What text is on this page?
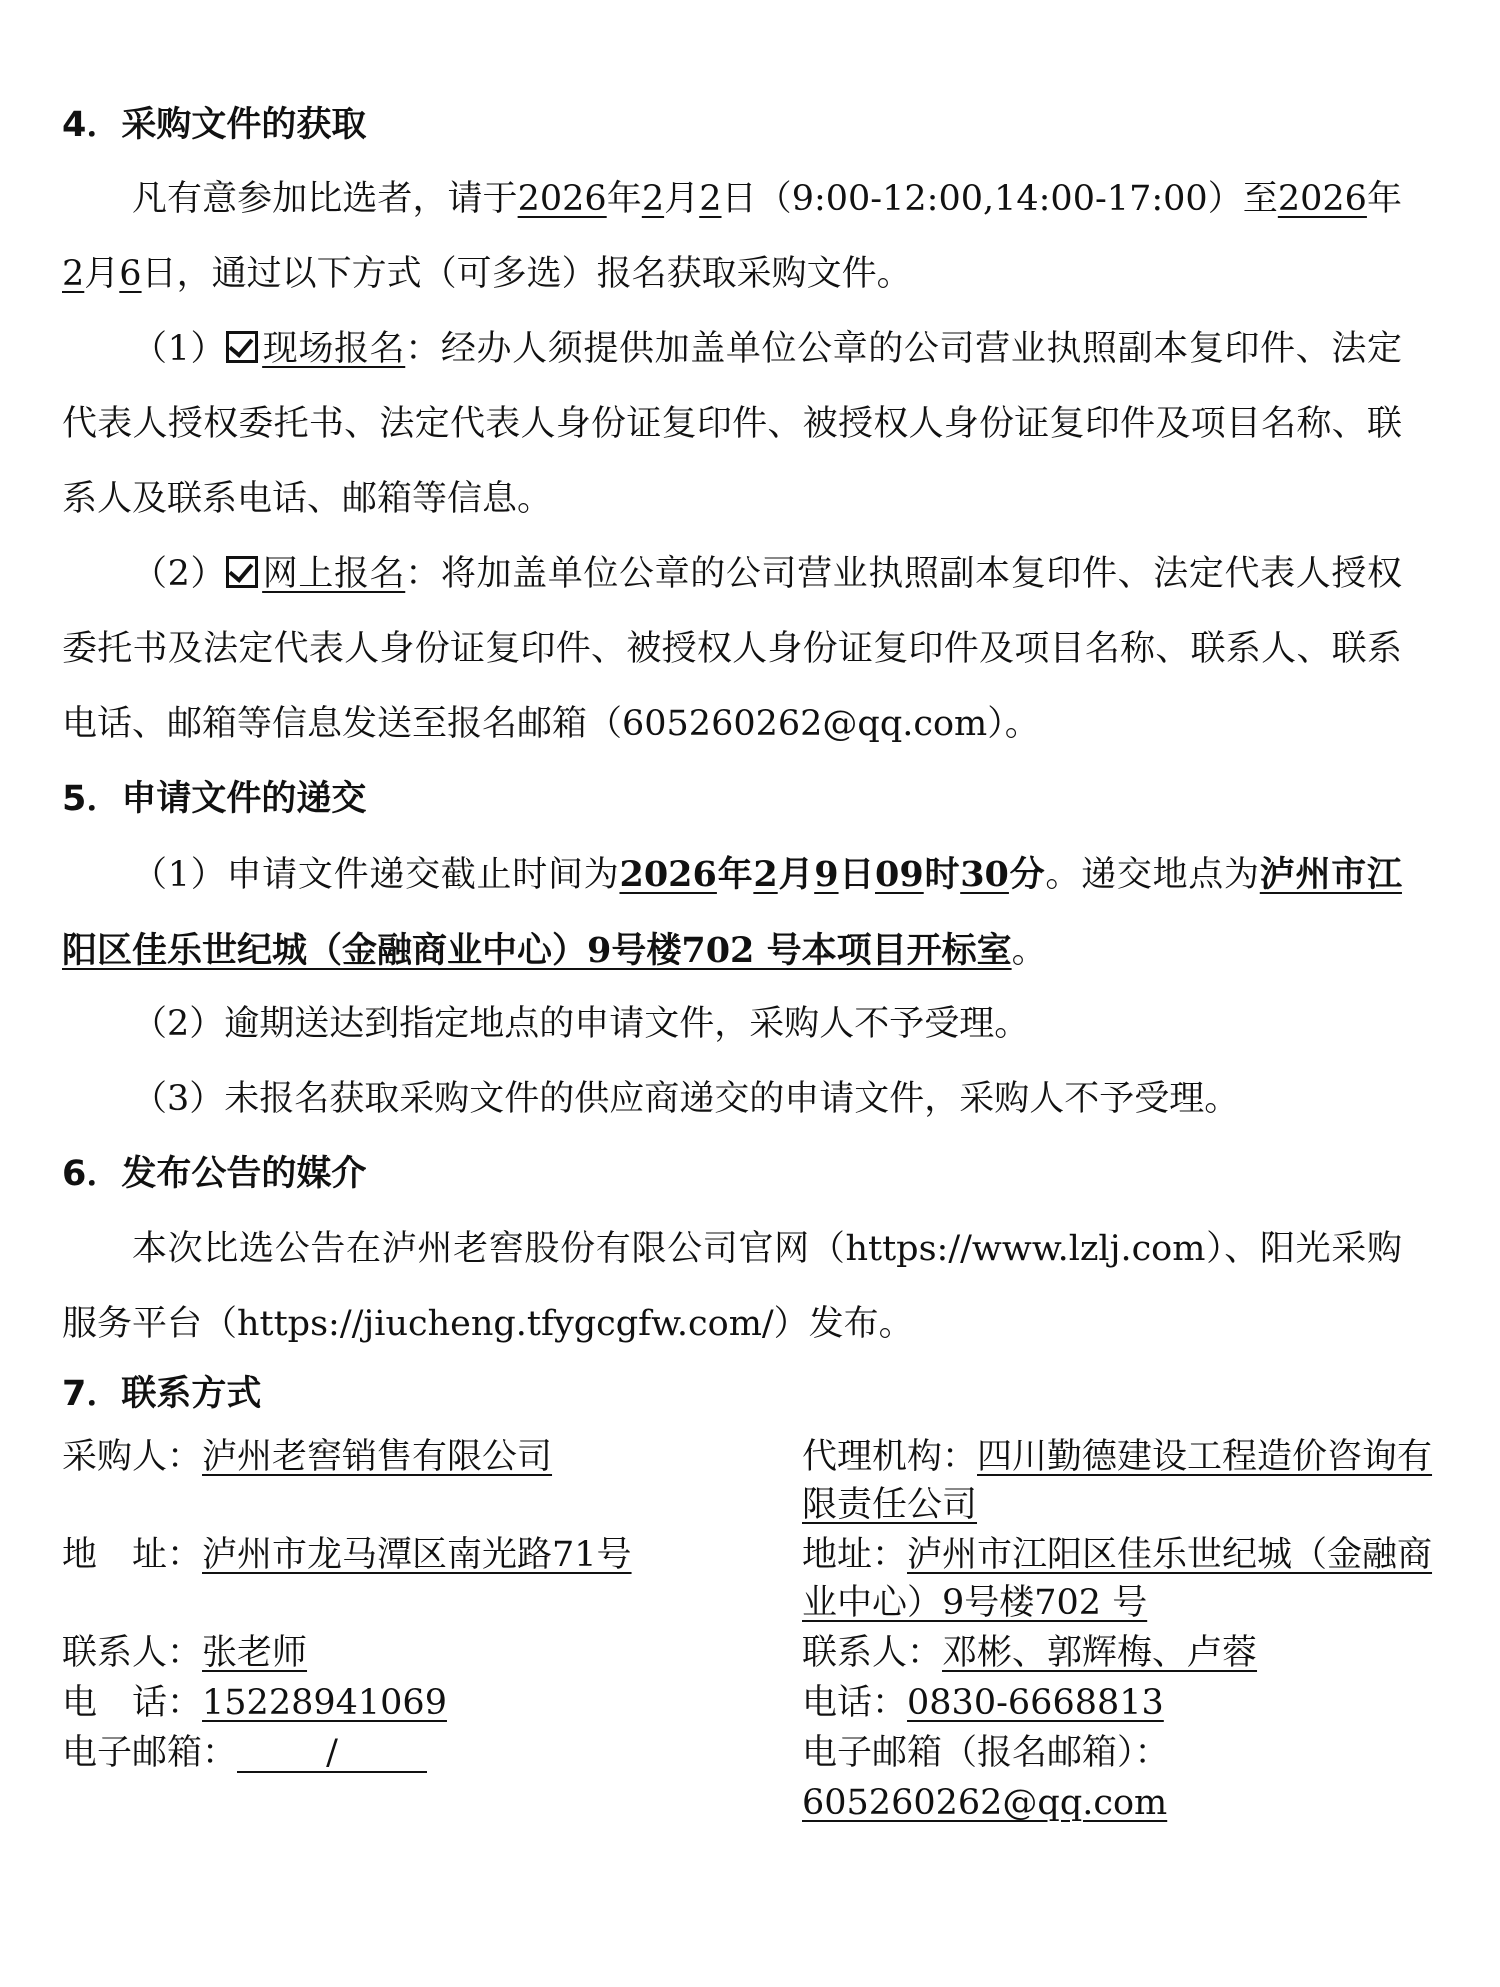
4．采购文件的获取
凡有意参加比选者，请于2026年2月2日（9:00-12:00,14:00-17:00）至2026年2月6日，通过以下方式（可多选）报名获取采购文件。
（1） 现场报名：经办人须提供加盖单位公章的公司营业执照副本复印件、法定代表人授权委托书、法定代表人身份证复印件、被授权人身份证复印件及项目名称、联系人及联系电话、邮箱等信息。
（2） 网上报名：将加盖单位公章的公司营业执照副本复印件、法定代表人授权委托书及法定代表人身份证复印件、被授权人身份证复印件及项目名称、联系人、联系电话、邮箱等信息发送至报名邮箱（605260262@qq.com）。
5．申请文件的递交
（1）申请文件递交截止时间为2026年2月9日09时30分。递交地点为泸州市江阳区佳乐世纪城（金融商业中心）9号楼702 号本项目开标室。
（2）逾期送达到指定地点的申请文件，采购人不予受理。
（3）未报名获取采购文件的供应商递交的申请文件，采购人不予受理。
6．发布公告的媒介
本次比选公告在泸州老窖股份有限公司官网（https://www.lzlj.com）、阳光采购服务平台（https://jiucheng.tfygcgfw.com/）发布。
7．联系方式
采购人：泸州老窖销售有限公司
地　址：泸州市龙马潭区南光路71号
联系人：张老师
电　话：15228941069
电子邮箱：	/
代理机构：四川勤德建设工程造价咨询有限责任公司
地址：泸州市江阳区佳乐世纪城（金融商业中心）9号楼702 号
联系人：邓彬、郭辉梅、卢蓉
电话：0830-6668813
电子邮箱（报名邮箱）：
605260262@qq.com
